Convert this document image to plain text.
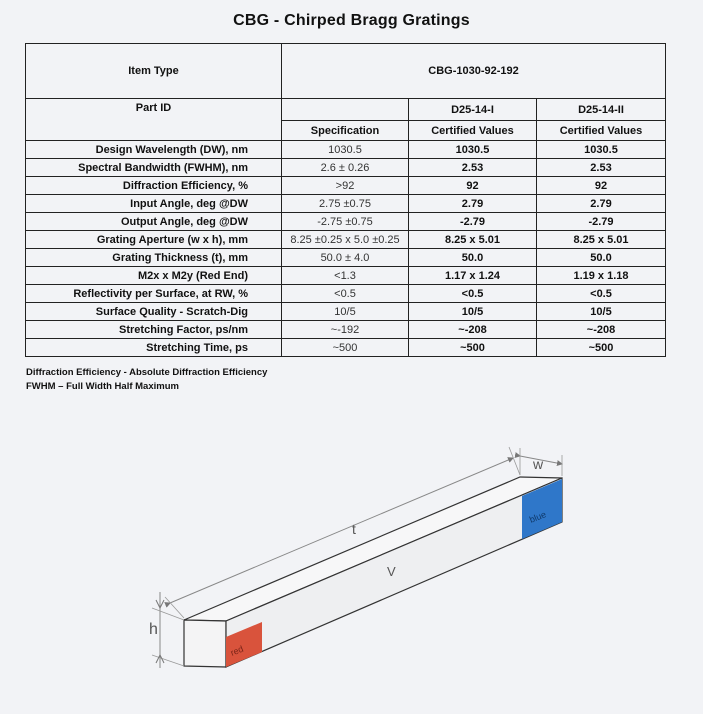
CBG - Chirped Bragg Gratings
Item Type	CBG-1030-92-192		
Part ID		D25-14-I	D25-14-II
	Specification	Certified Values	Certified Values
Design Wavelength (DW), nm	1030.5	1030.5	1030.5
Spectral Bandwidth (FWHM), nm	2.6 ± 0.26	2.53	2.53
Diffraction Efficiency, %	>92	92	92
Input Angle, deg @DW	2.75 ±0.75	2.79	2.79
Output Angle, deg @DW	-2.75 ±0.75	-2.79	-2.79
Grating Aperture (w x h), mm	8.25 ±0.25 x 5.0 ±0.25	8.25 x 5.01	8.25 x 5.01
Grating Thickness (t), mm	50.0 ± 4.0	50.0	50.0
M2x x M2y (Red End)	<1.3	1.17 x 1.24	1.19 x 1.18
Reflectivity per Surface, at RW, %	<0.5	<0.5	<0.5
Surface Quality - Scratch-Dig	10/5	10/5	10/5
Stretching Factor, ps/nm	~-192	~-208	~-208
Stretching Time, ps	~500	~500	~500
Diffraction Efficiency - Absolute Diffraction Efficiency
FWHM – Full Width Half Maximum
red
blue
t
w
h
V
